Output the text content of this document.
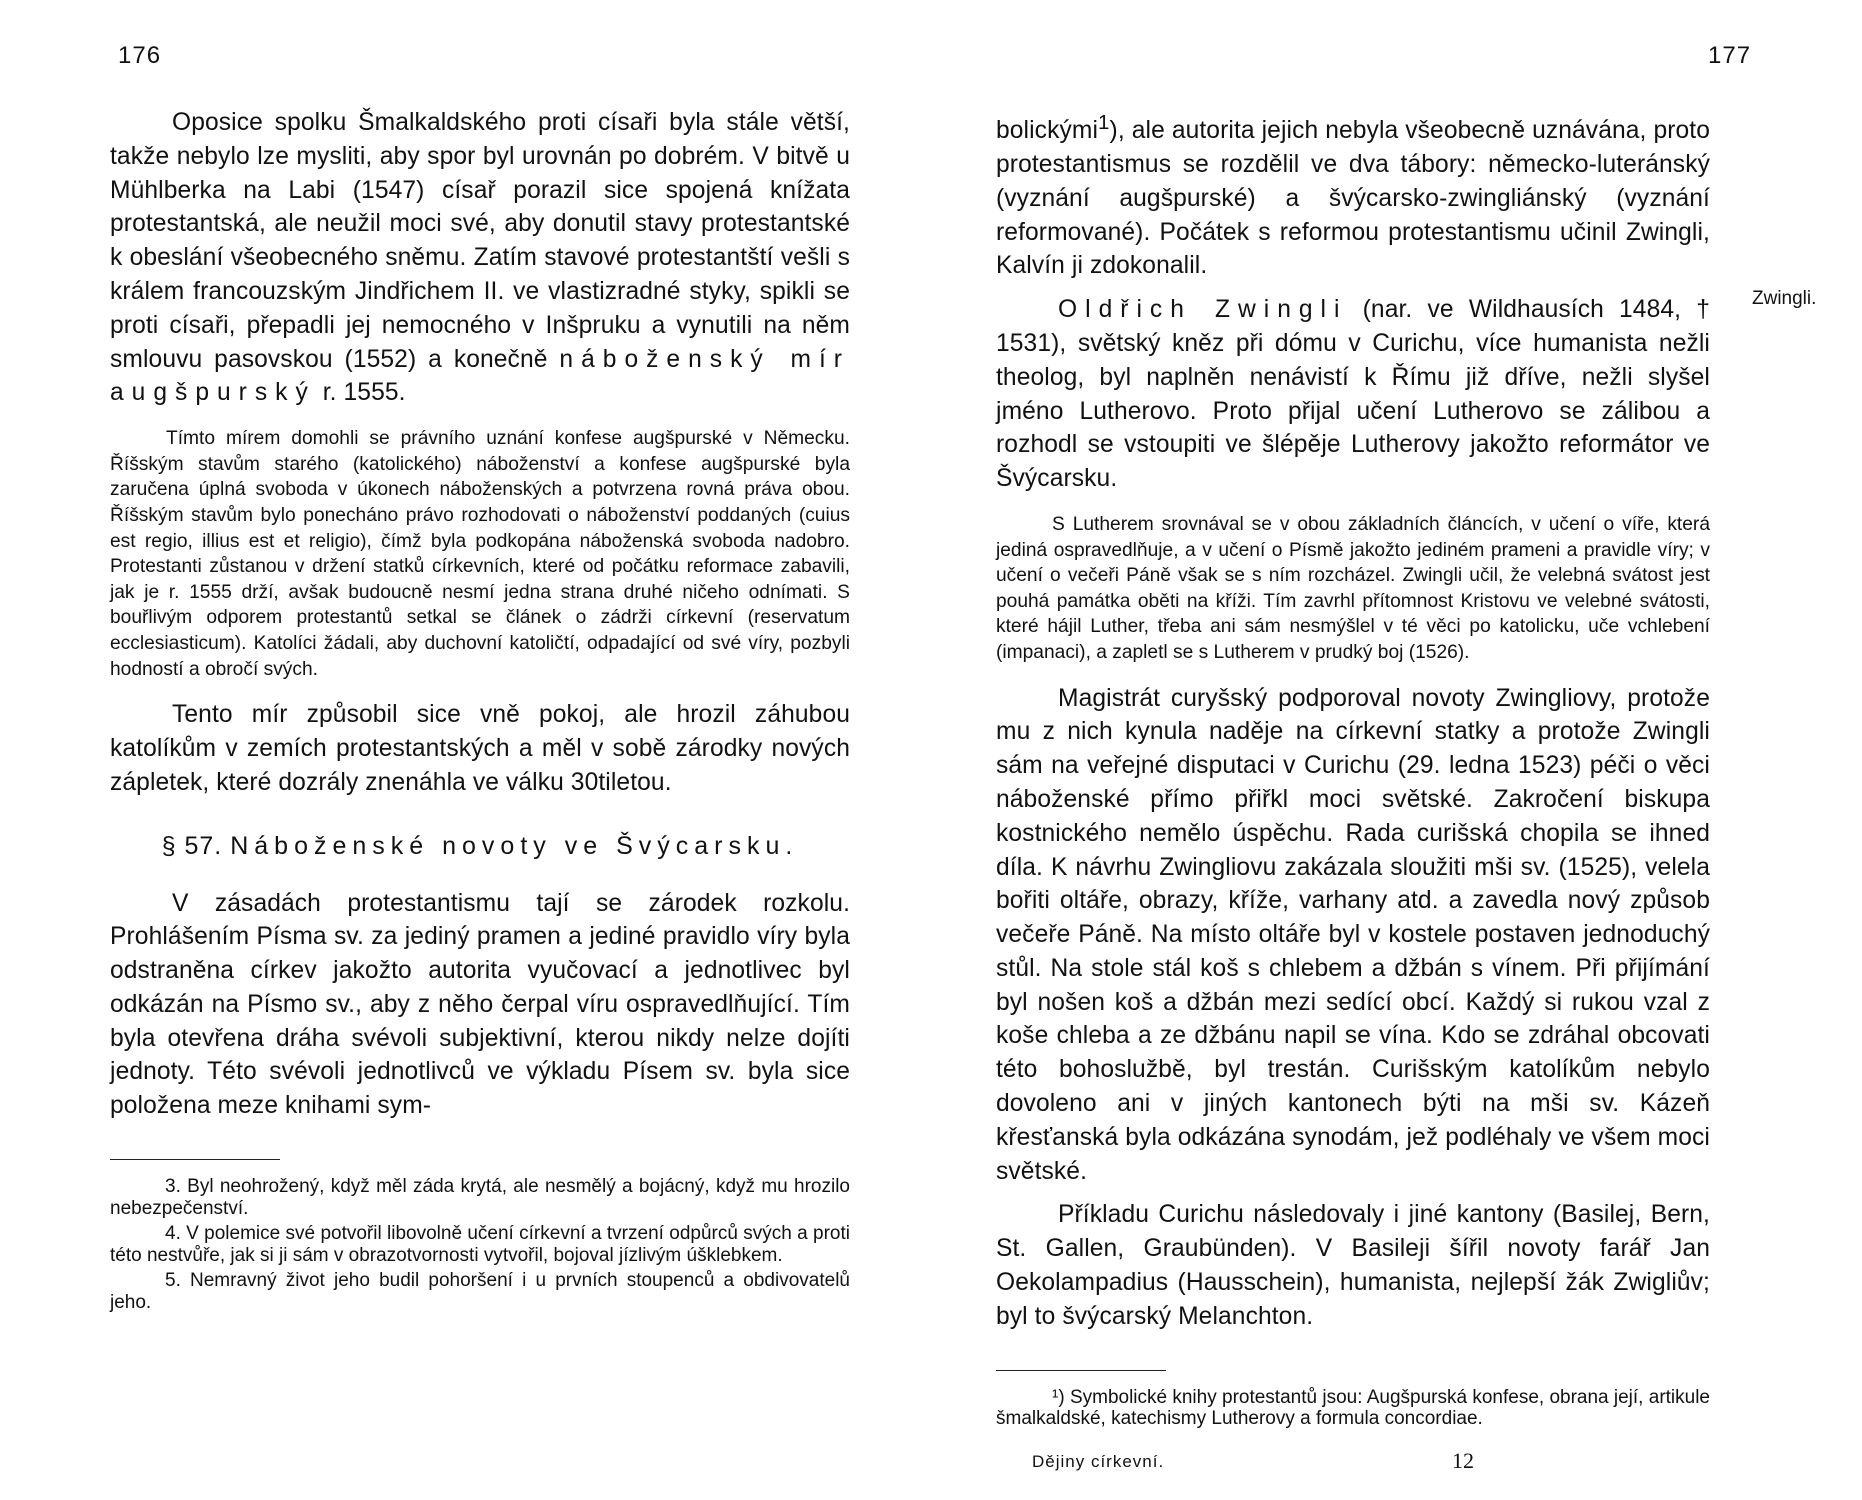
176

Oposice spolku Šmalkaldského proti císaři byla stále větší, takže nebylo lze mysliti, aby spor byl urovnán po dobrém. V bitvě u Mühlberka na Labi (1547) císař porazil sice spojená knížata protestantská, ale neužil moci své, aby donutil stavy protestantské k obeslání všeobecného sněmu. Zatím stavové protestantští vešli s králem francouzským Jindřichem II. ve vlastizradné styky, spikli se proti císaři, přepadli jej nemocného v Inšpruku a vynutili na něm smlouvu pasovskou (1552) a konečně náboženský mír augšpurský r. 1555.

Tímto mírem domohli se právního uznání konfese augšpurské v Německu. Říšským stavům starého (katolického) náboženství a konfese augšpurské byla zaručena úplná svoboda v úkonech náboženských a potvrzena rovná práva obou. Říšským stavům bylo ponecháno právo rozhodovati o náboženství poddaných (cuius est regio, illius est et religio), čímž byla podkopána náboženská svoboda nadobro. Protestanti zůstanou v držení statků církevních, které od počátku reformace zabavili, jak je r. 1555 drží, avšak budoucně nesmí jedna strana druhé ničeho odnímati. S bouřlivým odporem protestantů setkal se článek o zádrži církevní (reservatum ecclesiasticum). Katolíci žádali, aby duchovní katoličtí, odpadající od své víry, pozbyli hodností a obročí svých.

Tento mír způsobil sice vně pokoj, ale hrozil záhubou katolíkům v zemích protestantských a měl v sobě zárodky nových zápletek, které dozrály znenáhla ve válku 30tiletou.

§ 57. Náboženské novoty ve Švýcarsku.

V zásadách protestantismu tají se zárodek rozkolu. Prohlášením Písma sv. za jediný pramen a jediné pravidlo víry byla odstraněna církev jakožto autorita vyučovací a jednotlivec byl odkázán na Písmo sv., aby z něho čerpal víru ospravedlňující. Tím byla otevřena dráha svévoli subjektivní, kterou nikdy nelze dojíti jednoty. Této svévoli jednotlivců ve výkladu Písem sv. byla sice položena meze knihami sym-

3. Byl neohrožený, když měl záda krytá, ale nesmělý a bojácný, když mu hrozilo nebezpečenství.

4. V polemice své potvořil libovolně učení církevní a tvrzení odpůrců svých a proti této nestvůře, jak si ji sám v obrazotvornosti vytvořil, bojoval jízlivým úšklebkem.

5. Nemravný život jeho budil pohoršení i u prvních stoupenců a obdivovatelů jeho.

177
Zwingli.

bolickými$^1$), ale autorita jejich nebyla všeobecně uznávána, proto protestantismus se rozdělil ve dva tábory: německo-luteránský (vyznání augšpurské) a švýcarsko-zwingliánský (vyznání reformované). Počátek s reformou protestantismu učinil Zwingli, Kalvín ji zdokonalil.

Oldřich Zwingli (nar. ve Wildhausích 1484, † 1531), světský kněz při dómu v Curichu, více humanista nežli theolog, byl naplněn nenávistí k Římu již dříve, nežli slyšel jméno Lutherovo. Proto přijal učení Lutherovo se zálibou a rozhodl se vstoupiti ve šlépěje Lutherovy jakožto reformátor ve Švýcarsku.

S Lutherem srovnával se v obou základních článcích, v učení o víře, která jediná ospravedlňuje, a v učení o Písmě jakožto jediném prameni a pravidle víry; v učení o večeři Páně však se s ním rozcházel. Zwingli učil, že velebná svátost jest pouhá památka oběti na kříži. Tím zavrhl přítomnost Kristovu ve velebné svátosti, které hájil Luther, třeba ani sám nesmýšlel v té věci po katolicku, uče vchlebení (impanaci), a zapletl se s Lutherem v prudký boj (1526).

Magistrát curyšský podporoval novoty Zwingliovy, protože mu z nich kynula naděje na církevní statky a protože Zwingli sám na veřejné disputaci v Curichu (29. ledna 1523) péči o věci náboženské přímo přiřkl moci světské. Zakročení biskupa kostnického nemělo úspěchu. Rada curišská chopila se ihned díla. K návrhu Zwingliovu zakázala sloužiti mši sv. (1525), velela bořiti oltáře, obrazy, kříže, varhany atd. a zavedla nový způsob večeře Páně. Na místo oltáře byl v kostele postaven jednoduchý stůl. Na stole stál koš s chlebem a džbán s vínem. Při přijímání byl nošen koš a džbán mezi sedící obcí. Každý si rukou vzal z koše chleba a ze džbánu napil se vína. Kdo se zdráhal obcovati této bohoslužbě, byl trestán. Curišským katolíkům nebylo dovoleno ani v jiných kantonech býti na mši sv. Kázeň křesťanská byla odkázána synodám, jež podléhaly ve všem moci světské.

Příkladu Curichu následovaly i jiné kantony (Basilej, Bern, St. Gallen, Graubünden). V Basileji šířil novoty farář Jan Oekolampadius (Hausschein), humanista, nejlepší žák Zwigliův; byl to švýcarský Melanchton.

¹) Symbolické knihy protestantů jsou: Augšpurská konfese, obrana její, artikule šmalkaldské, katechismy Lutherovy a formula concordiae.

Dějiny církevní.	12
